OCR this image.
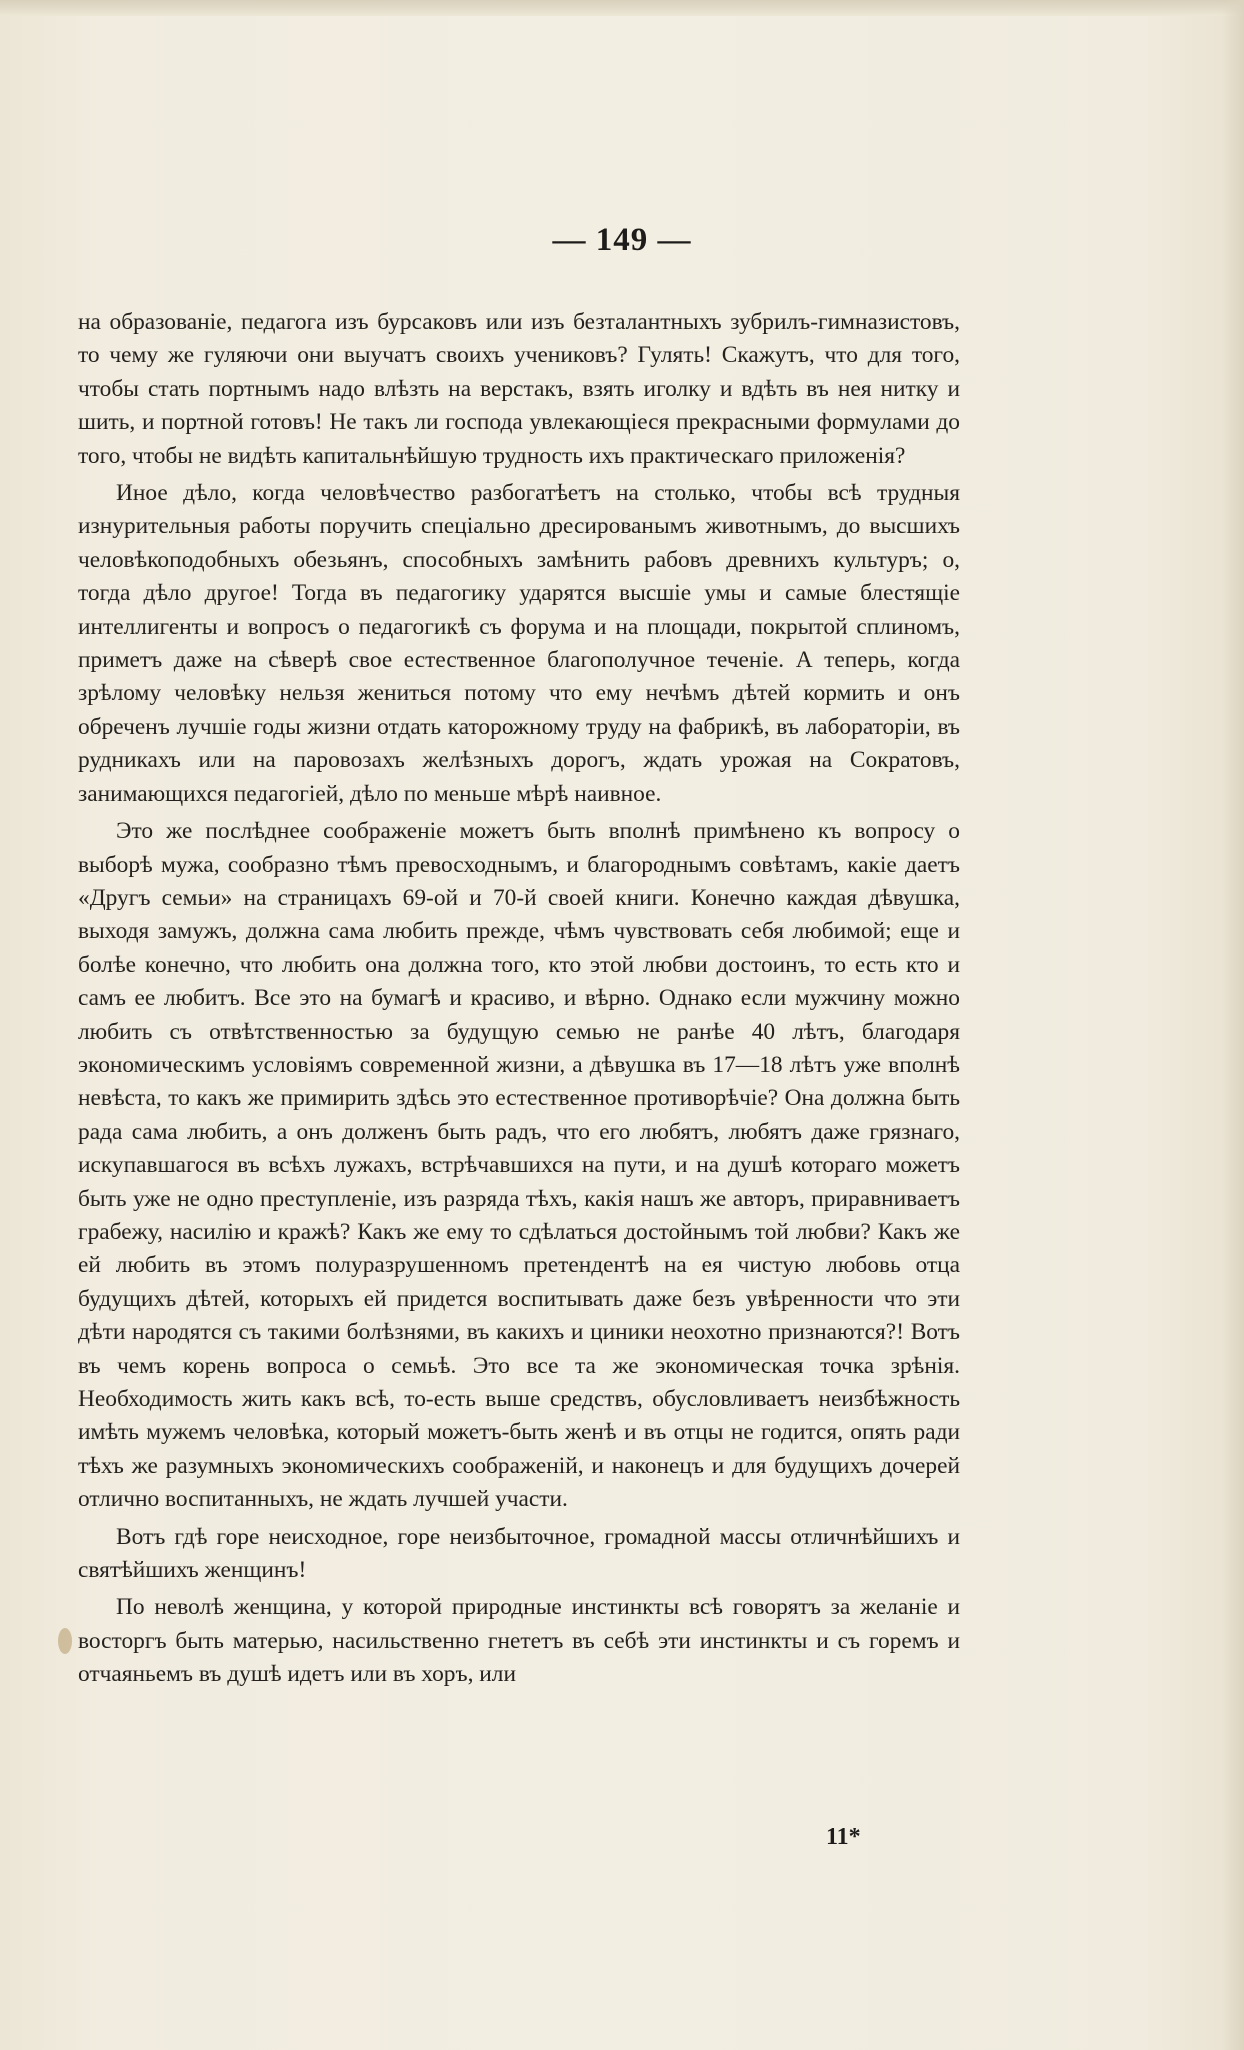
— 149 —

на образованіе, педагога изъ бурсаковъ или изъ безталантныхъ зубрилъ-гимназистовъ, то чему же гуляючи они выучатъ своихъ учениковъ? Гулять! Скажутъ, что для того, чтобы стать портнымъ надо влѣзть на верстакъ, взять иголку и вдѣть въ нея нитку и шить, и портной готовъ! Не такъ ли господа увлекающіеся прекрасными формулами до того, чтобы не видѣть капитальнѣйшую трудность ихъ практическаго приложенія?

Иное дѣло, когда человѣчество разбогатѣетъ на столько, чтобы всѣ трудныя изнурительныя работы поручить спеціально дресированымъ животнымъ, до высшихъ человѣкоподобныхъ обезьянъ, способныхъ замѣнить рабовъ древнихъ культуръ; о, тогда дѣло другое! Тогда въ педагогику ударятся высшіе умы и самые блестящіе интеллигенты и вопросъ о педагогикѣ съ форума и на площади, покрытой сплиномъ, приметъ даже на сѣверѣ свое естественное благополучное теченіе. А теперь, когда зрѣлому человѣку нельзя жениться потому что ему нечѣмъ дѣтей кормить и онъ обреченъ лучшіе годы жизни отдать каторожному труду на фабрикѣ, въ лабораторіи, въ рудникахъ или на паровозахъ желѣзныхъ дорогъ, ждать урожая на Сократовъ, занимающихся педагогіей, дѣло по меньше мѣрѣ наивное.

Это же послѣднее соображеніе можетъ быть вполнѣ примѣнено къ вопросу о выборѣ мужа, сообразно тѣмъ превосходнымъ, и благороднымъ совѣтамъ, какіе даетъ «Другъ семьи» на страницахъ 69-ой и 70-й своей книги. Конечно каждая дѣвушка, выходя замужъ, должна сама любить прежде, чѣмъ чувствовать себя любимой; еще и болѣе конечно, что любить она должна того, кто этой любви достоинъ, то есть кто и самъ ее любитъ. Все это на бумагѣ и красиво, и вѣрно. Однако если мужчину можно любить съ отвѣтственностью за будущую семью не ранѣе 40 лѣтъ, благодаря экономическимъ условіямъ современной жизни, а дѣвушка въ 17—18 лѣтъ уже вполнѣ невѣста, то какъ же примирить здѣсь это естественное противорѣчіе? Она должна быть рада сама любить, а онъ долженъ быть радъ, что его любятъ, любятъ даже грязнаго, искупавшагося въ всѣхъ лужахъ, встрѣчавшихся на пути, и на душѣ котораго можетъ быть уже не одно преступленіе, изъ разряда тѣхъ, какія нашъ же авторъ, приравниваетъ грабежу, насилію и кражѣ? Какъ же ему то сдѣлаться достойнымъ той любви? Какъ же ей любить въ этомъ полуразрушенномъ претендентѣ на ея чистую любовь отца будущихъ дѣтей, которыхъ ей придется воспитывать даже безъ увѣренности что эти дѣти народятся съ такими болѣзнями, въ какихъ и циники неохотно признаются?! Вотъ въ чемъ корень вопроса о семьѣ. Это все та же экономическая точка зрѣнія. Необходимость жить какъ всѣ, то-есть выше средствъ, обусловливаетъ неизбѣжность имѣть мужемъ человѣка, который можетъ-быть женѣ и въ отцы не годится, опять ради тѣхъ же разумныхъ экономическихъ соображеній, и наконецъ и для будущихъ дочерей отлично воспитанныхъ, не ждать лучшей участи.

Вотъ гдѣ горе неисходное, горе неизбыточное, громадной массы отличнѣйшихъ и святѣйшихъ женщинъ!

По неволѣ женщина, у которой природные инстинкты всѣ говорятъ за желаніе и восторгъ быть матерью, насильственно гнететъ въ себѣ эти инстинкты и съ горемъ и отчаяньемъ въ душѣ идетъ или въ хоръ, или

11*
